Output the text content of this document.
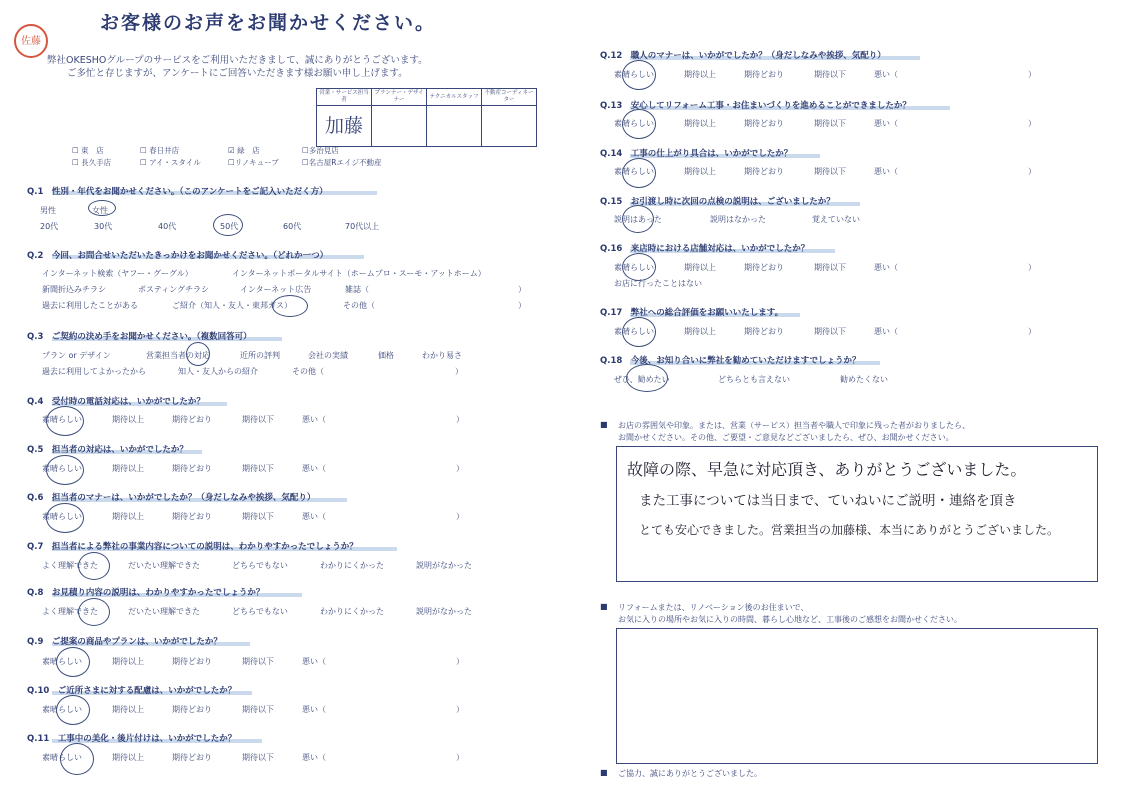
佐藤
お客様のお声をお聞かせください。
弊社OKESHOグループのサービスをご利用いただきまして、誠にありがとうございます。
ご多忙と存じますが、アンケートにご回答いただきます様お願い申し上げます。
営業・サービス担当者	プランナー・デザイナー	テクニカルスタッフ	不動産コーディネーター
加藤			
☐ 東　店	☐ 春日井店	☑ 緑　店	☐多治見店
☐ 長久手店	☐ アイ・スタイル	☐リノキューブ	☐名古屋Rエイジ不動産
Q.1　性別・年代をお聞かせください。（このアンケートをご記入いただく方）
男性	女性
20代	30代	40代	50代	60代	70代以上
Q.2　今回、お問合せいただいたきっかけをお聞かせください。（どれか一つ）
インターネット検索（ヤフー・グーグル）	インターネットポータルサイト（ホームプロ・スーモ・アットホーム）
新聞折込みチラシ	ポスティングチラシ	インターネット広告	雑誌（	）
過去に利用したことがある	ご紹介（知人・友人・東邦ガス）	その他（	）
Q.3　ご契約の決め手をお聞かせください。（複数回答可）
プラン or デザイン	営業担当者の対応	近所の評判	会社の実績	価格	わかり易さ
過去に利用してよかったから	知人・友人からの紹介	その他（	）
Q.4　受付時の電話対応は、いかがでしたか？
素晴らしい	期待以上	期待どおり	期待以下	悪い（	）
Q.5　担当者の対応は、いかがでしたか？
素晴らしい	期待以上	期待どおり	期待以下	悪い（	）
Q.6　担当者のマナーは、いかがでしたか？（身だしなみや挨拶、気配り）
素晴らしい	期待以上	期待どおり	期待以下	悪い（	）
Q.7　担当者による弊社の事業内容についての説明は、わかりやすかったでしょうか？
よく理解できた	だいたい理解できた	どちらでもない	わかりにくかった	説明がなかった
Q.8　お見積り内容の説明は、わかりやすかったでしょうか？
よく理解できた	だいたい理解できた	どちらでもない	わかりにくかった	説明がなかった
Q.9　ご提案の商品やプランは、いかがでしたか？
素晴らしい	期待以上	期待どおり	期待以下	悪い（	）
Q.10　ご近所さまに対する配慮は、いかがでしたか？
素晴らしい	期待以上	期待どおり	期待以下	悪い（	）
Q.11　工事中の美化・後片付けは、いかがでしたか？
素晴らしい	期待以上	期待どおり	期待以下	悪い（	）
Q.12　職人のマナーは、いかがでしたか？（身だしなみや挨拶、気配り）
素晴らしい	期待以上	期待どおり	期待以下	悪い（	）
Q.13　安心してリフォーム工事・お住まいづくりを進めることができましたか？
素晴らしい	期待以上	期待どおり	期待以下	悪い（	）
Q.14　工事の仕上がり具合は、いかがでしたか？
素晴らしい	期待以上	期待どおり	期待以下	悪い（	）
Q.15　お引渡し時に次回の点検の説明は、ございましたか？
説明はあった	説明はなかった	覚えていない
Q.16　来店時における店舗対応は、いかがでしたか？
素晴らしい	期待以上	期待どおり	期待以下	悪い（	）
お店に行ったことはない
Q.17　弊社への総合評価をお願いいたします。
素晴らしい	期待以上	期待どおり	期待以下	悪い（	）
Q.18　今後、お知り合いに弊社を勧めていただけますでしょうか？
ぜひ、勧めたい	どちらとも言えない	勧めたくない
■ お店の雰囲気や印象。または、営業（サービス）担当者や職人で印象に残った者がおりましたら、
お聞かせください。その他、ご要望・ご意見などございましたら、ぜひ、お聞かせください。
故障の際、早急に対応頂き、ありがとうございました。
また工事については当日まで、ていねいにご説明・連絡を頂き
とても安心できました。営業担当の加藤様、本当にありがとうございました。
■ リフォームまたは、リノベーション後のお住まいで、
お気に入りの場所やお気に入りの時間、暮らし心地など、工事後のご感想をお聞かせください。
■ ご協力、誠にありがとうございました。
